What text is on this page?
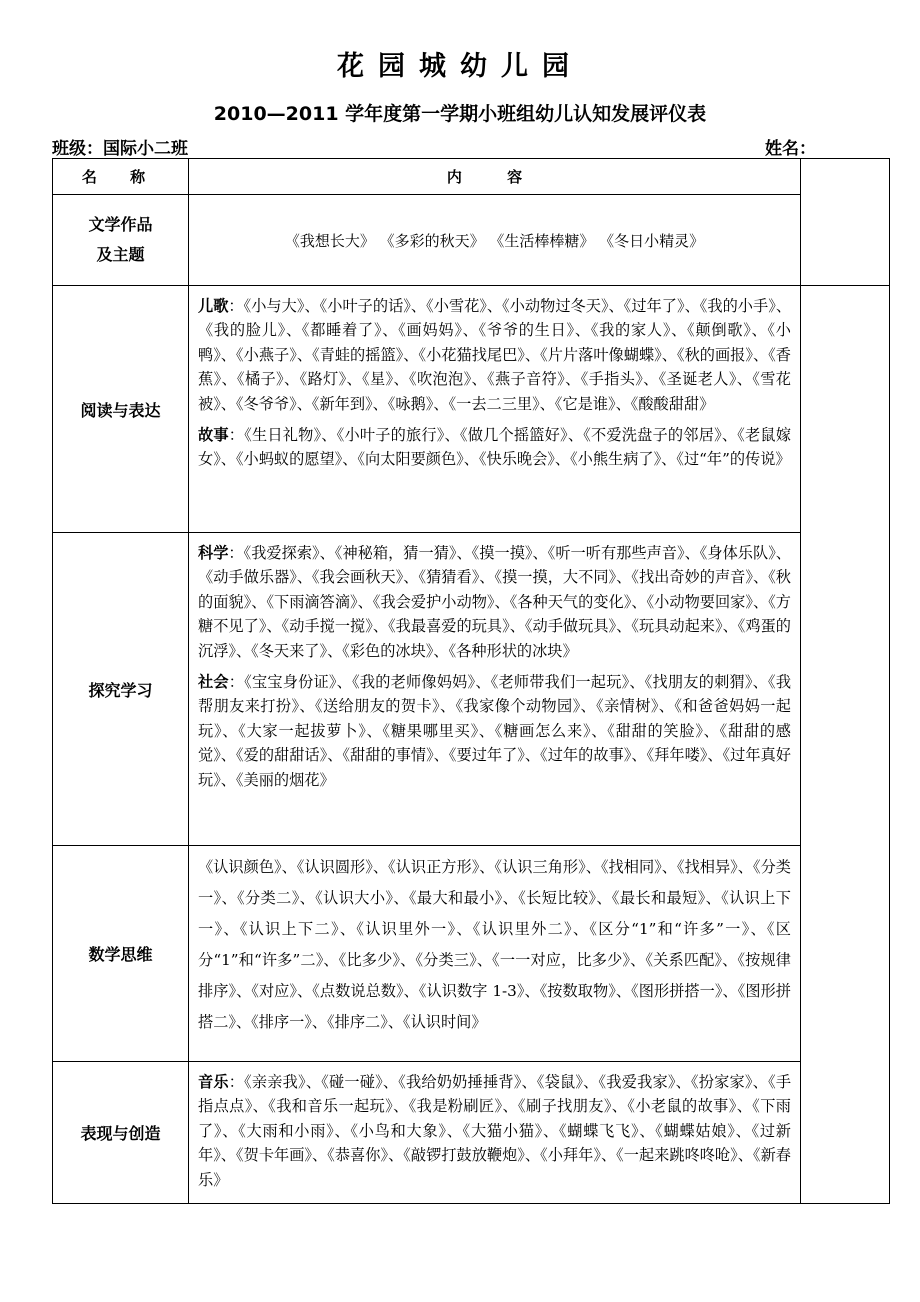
花园城幼儿园
2010—2011 学年度第一学期小班组幼儿认知发展评仪表
班级：国际小二班	姓名：
名 称	内 容	

文学作品
及主题	《我想长大》 《多彩的秋天》 《生活棒棒糖》 《冬日小精灵》	
阅读与表达	儿歌：《小与大》、《小叶子的话》、《小雪花》、《小动物过冬天》、《过年了》、《我的小手》、《我的脸儿》、《都睡着了》、《画妈妈》、《爷爷的生日》、《我的家人》、《颠倒歌》、《小鸭》、《小燕子》、《青蛙的摇篮》、《小花猫找尾巴》、《片片落叶像蝴蝶》、《秋的画报》、《香蕉》、《橘子》、《路灯》、《星》、《吹泡泡》、《燕子音符》、《手指头》、《圣诞老人》、《雪花被》、《冬爷爷》、《新年到》、《咏鹅》、《一去二三里》、《它是谁》、《酸酸甜甜》

故事：《生日礼物》、《小叶子的旅行》、《做几个摇篮好》、《不爱洗盘子的邻居》、《老鼠嫁女》、《小蚂蚁的愿望》、《向太阳要颜色》、《快乐晚会》、《小熊生病了》、《过“年”的传说》	

探究学习	科学：《我爱探索》、《神秘箱，猜一猜》、《摸一摸》、《听一听有那些声音》、《身体乐队》、《动手做乐器》、《我会画秋天》、《猜猜看》、《摸一摸，大不同》、《找出奇妙的声音》、《秋的面貌》、《下雨滴答滴》、《我会爱护小动物》、《各种天气的变化》、《小动物要回家》、《方糖不见了》、《动手搅一搅》、《我最喜爱的玩具》、《动手做玩具》、《玩具动起来》、《鸡蛋的沉浮》、《冬天来了》、《彩色的冰块》、《各种形状的冰块》

社会：《宝宝身份证》、《我的老师像妈妈》、《老师带我们一起玩》、《找朋友的刺猬》、《我帮朋友来打扮》、《送给朋友的贺卡》、《我家像个动物园》、《亲情树》、《和爸爸妈妈一起玩》、《大家一起拔萝卜》、《糖果哪里买》、《糖画怎么来》、《甜甜的笑脸》、《甜甜的感觉》、《爱的甜甜话》、《甜甜的事情》、《要过年了》、《过年的故事》、《拜年喽》、《过年真好玩》、《美丽的烟花》	

数学思维	《认识颜色》、《认识圆形》、《认识正方形》、《认识三角形》、《找相同》、《找相异》、《分类一》、《分类二》、《认识大小》、《最大和最小》、《长短比较》、《最长和最短》、《认识上下一》、《认识上下二》、《认识里外一》、《认识里外二》、《区分“1”和“许多”一》、《区分“1”和“许多”二》、《比多少》、《分类三》、《一一对应，比多少》、《关系匹配》、《按规律排序》、《对应》、《点数说总数》、《认识数字 1-3》、《按数取物》、《图形拼搭一》、《图形拼搭二》、《排序一》、《排序二》、《认识时间》	
表现与创造	音乐：《亲亲我》、《碰一碰》、《我给奶奶捶捶背》、《袋鼠》、《我爱我家》、《扮家家》、《手指点点》、《我和音乐一起玩》、《我是粉刷匠》、《刷子找朋友》、《小老鼠的故事》、《下雨了》、《大雨和小雨》、《小鸟和大象》、《大猫小猫》、《蝴蝶飞飞》、《蝴蝶姑娘》、《过新年》、《贺卡年画》、《恭喜你》、《敲锣打鼓放鞭炮》、《小拜年》、《一起来跳咚咚呛》、《新春乐》	
